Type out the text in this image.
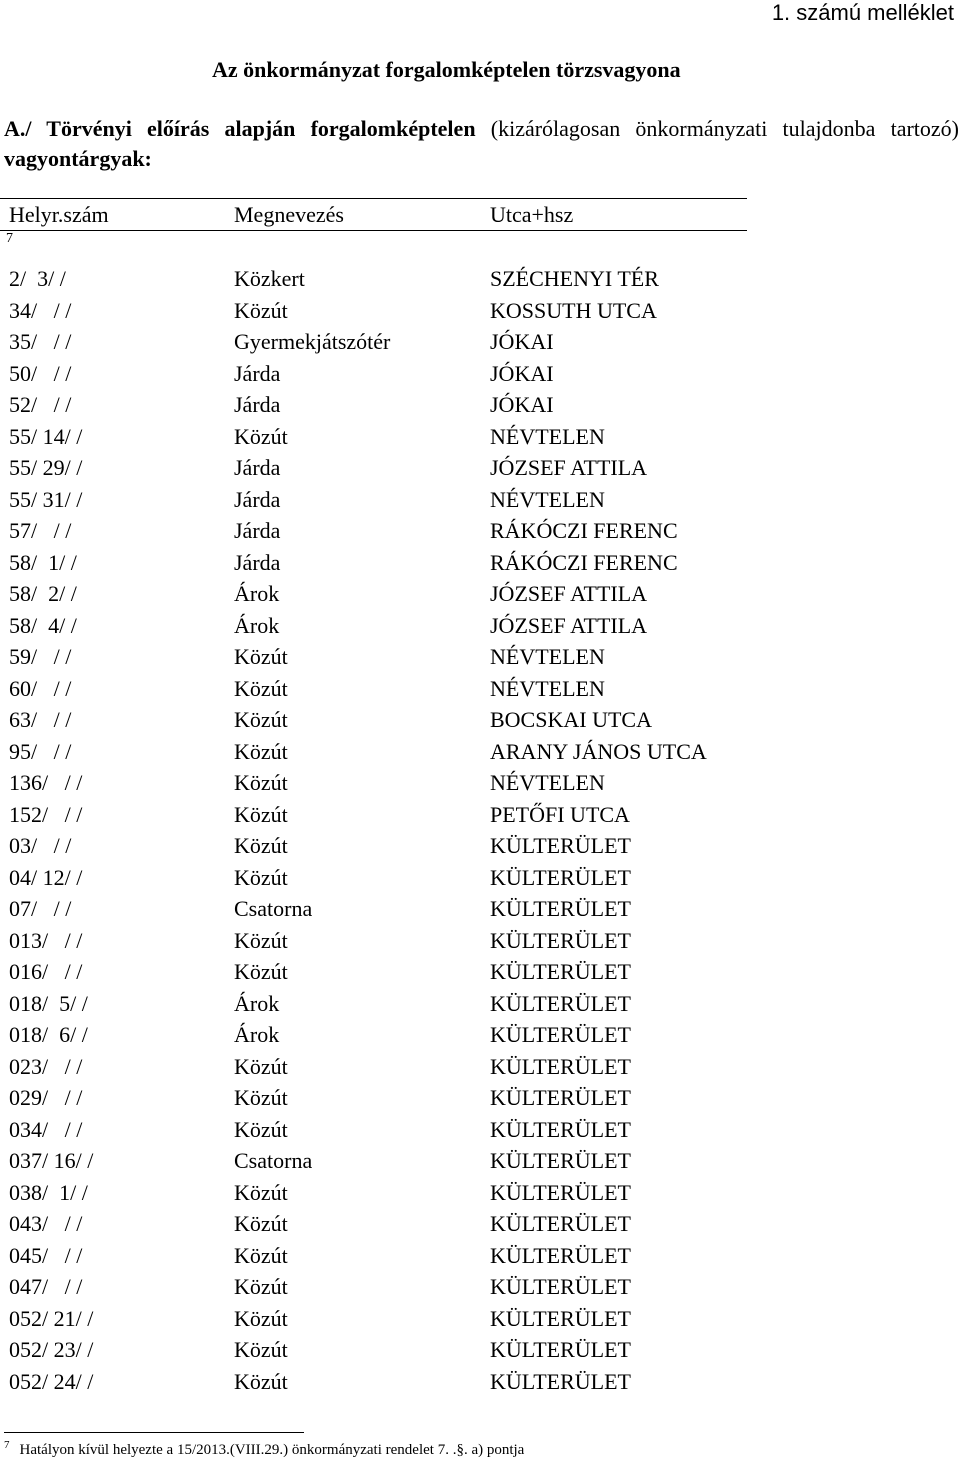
1. számú melléklet
Az önkormányzat forgalomképtelen törzsvagyona
A./ Törvényi előírás alapján forgalomképtelen (kizárólagosan önkormányzati tulajdonba tartozó) vagyontárgyak:
Helyr.szám	Megnevezés	Utca+hsz
7
2/  3/ /	Közkert	SZÉCHENYI TÉR
34/   / /	Közút	KOSSUTH UTCA
35/   / /	Gyermekjátszótér	JÓKAI
50/   / /	Járda	JÓKAI
52/   / /	Járda	JÓKAI
55/ 14/ /	Közút	NÉVTELEN
55/ 29/ /	Járda	JÓZSEF ATTILA
55/ 31/ /	Járda	NÉVTELEN
57/   / /	Járda	RÁKÓCZI FERENC
58/  1/ /	Járda	RÁKÓCZI FERENC
58/  2/ /	Árok	JÓZSEF ATTILA
58/  4/ /	Árok	JÓZSEF ATTILA
59/   / /	Közút	NÉVTELEN
60/   / /	Közút	NÉVTELEN
63/   / /	Közút	BOCSKAI UTCA
95/   / /	Közút	ARANY JÁNOS UTCA
136/   / /	Közút	NÉVTELEN
152/   / /	Közút	PETŐFI UTCA
03/   / /	Közút	KÜLTERÜLET
04/ 12/ /	Közút	KÜLTERÜLET
07/   / /	Csatorna	KÜLTERÜLET
013/   / /	Közút	KÜLTERÜLET
016/   / /	Közút	KÜLTERÜLET
018/  5/ /	Árok	KÜLTERÜLET
018/  6/ /	Árok	KÜLTERÜLET
023/   / /	Közút	KÜLTERÜLET
029/   / /	Közút	KÜLTERÜLET
034/   / /	Közút	KÜLTERÜLET
037/ 16/ /	Csatorna	KÜLTERÜLET
038/  1/ /	Közút	KÜLTERÜLET
043/   / /	Közút	KÜLTERÜLET
045/   / /	Közút	KÜLTERÜLET
047/   / /	Közút	KÜLTERÜLET
052/ 21/ /	Közút	KÜLTERÜLET
052/ 23/ /	Közút	KÜLTERÜLET
052/ 24/ /	Közút	KÜLTERÜLET
$^7$ Hatályon kívül helyezte a 15/2013.(VIII.29.) önkormányzati rendelet 7. .§. a) pontja
